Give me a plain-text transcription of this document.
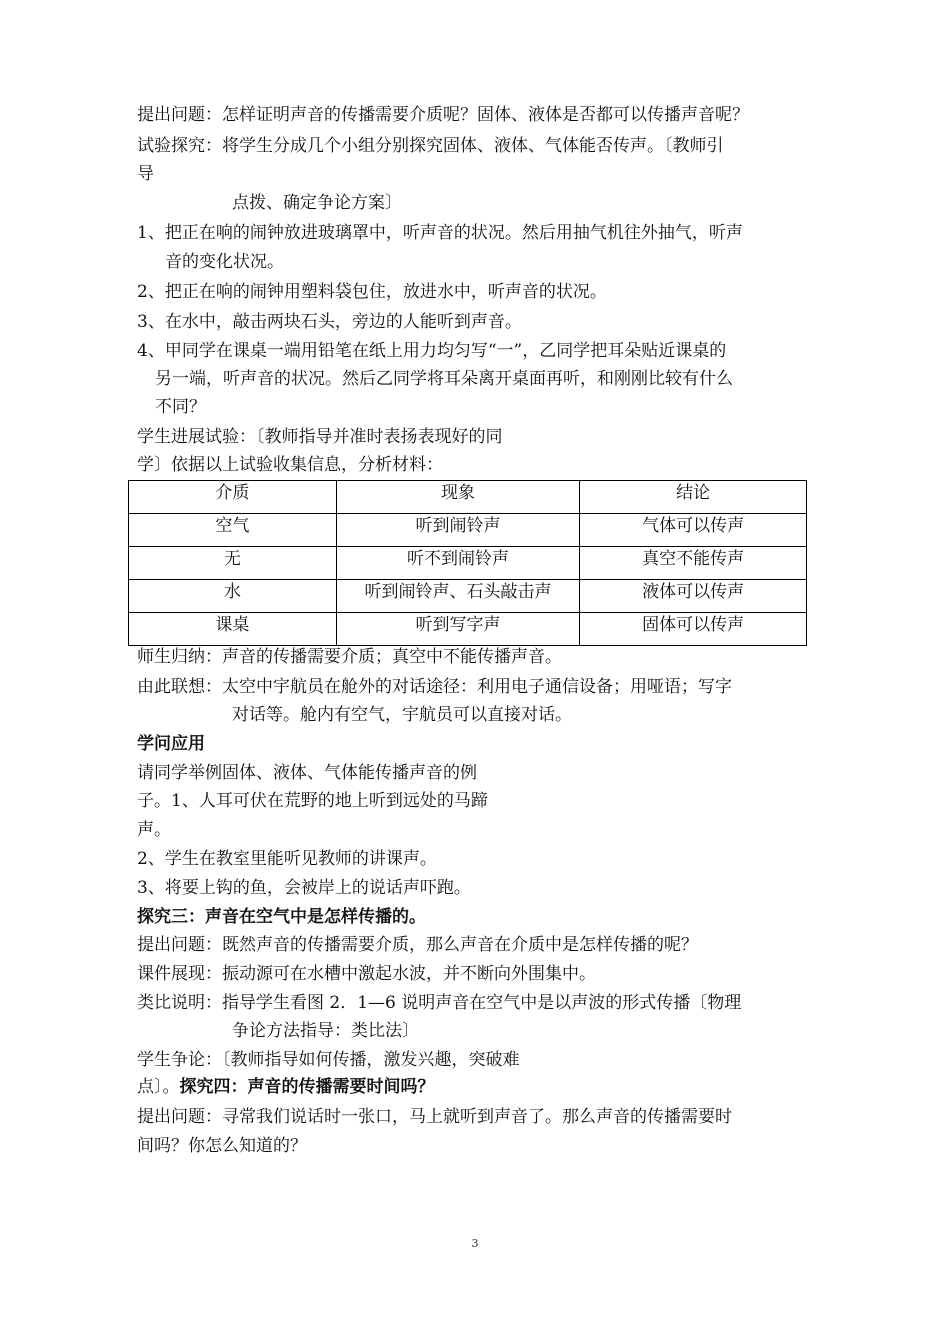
提出问题：怎样证明声音的传播需要介质呢？固体、液体是否都可以传播声音呢？
试验探究：将学生分成几个小组分别探究固体、液体、气体能否传声。〔教师引
导
点拨、确定争论方案〕
1、把正在响的闹钟放进玻璃罩中，听声音的状况。然后用抽气机往外抽气，听声
音的变化状况。
2、把正在响的闹钟用塑料袋包住，放进水中，听声音的状况。
3、在水中，敲击两块石头，旁边的人能听到声音。
4、甲同学在课桌一端用铅笔在纸上用力均匀写“一”，乙同学把耳朵贴近课桌的
另一端，听声音的状况。然后乙同学将耳朵离开桌面再听，和刚刚比较有什么
不同？
学生进展试验：〔教师指导并准时表扬表现好的同
学〕依据以上试验收集信息，分析材料：
介质	现象	结论
空气	听到闹铃声	气体可以传声
无	听不到闹铃声	真空不能传声
水	听到闹铃声、石头敲击声	液体可以传声
课桌	听到写字声	固体可以传声
师生归纳：声音的传播需要介质；真空中不能传播声音。
由此联想：太空中宇航员在舱外的对话途径：利用电子通信设备；用哑语；写字
对话等。舱内有空气，宇航员可以直接对话。
学问应用
请同学举例固体、液体、气体能传播声音的例
子。1、人耳可伏在荒野的地上听到远处的马蹄
声。
2、学生在教室里能听见教师的讲课声。
3、将要上钩的鱼，会被岸上的说话声吓跑。
探究三：声音在空气中是怎样传播的。
提出问题：既然声音的传播需要介质，那么声音在介质中是怎样传播的呢？
课件展现：振动源可在水槽中激起水波，并不断向外围集中。
类比说明：指导学生看图 2．1—6 说明声音在空气中是以声波的形式传播〔物理
争论方法指导：类比法〕
学生争论：〔教师指导如何传播，激发兴趣，突破难
点〕。探究四：声音的传播需要时间吗？
提出问题：寻常我们说话时一张口，马上就听到声音了。那么声音的传播需要时
间吗？你怎么知道的？
3
